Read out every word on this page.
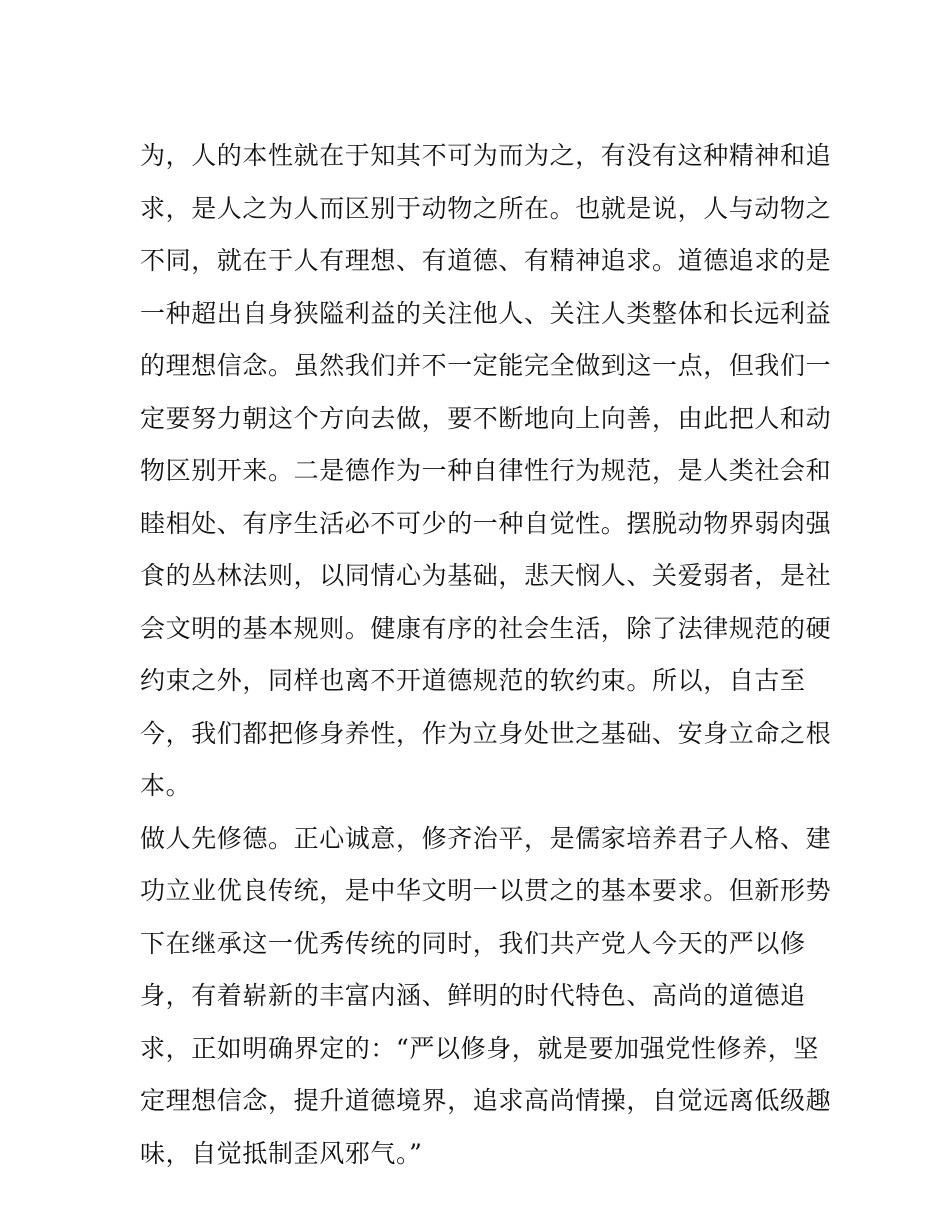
为，人的本性就在于知其不可为而为之，有没有这种精神和追
求，是人之为人而区别于动物之所在。也就是说，人与动物之
不同，就在于人有理想、有道德、有精神追求。道德追求的是
一种超出自身狭隘利益的关注他人、关注人类整体和长远利益
的理想信念。虽然我们并不一定能完全做到这一点，但我们一
定要努力朝这个方向去做，要不断地向上向善，由此把人和动
物区别开来。二是德作为一种自律性行为规范，是人类社会和
睦相处、有序生活必不可少的一种自觉性。摆脱动物界弱肉强
食的丛林法则，以同情心为基础，悲天悯人、关爱弱者，是社
会文明的基本规则。健康有序的社会生活，除了法律规范的硬
约束之外，同样也离不开道德规范的软约束。所以，自古至
今，我们都把修身养性，作为立身处世之基础、安身立命之根
本。
做人先修德。正心诚意，修齐治平，是儒家培养君子人格、建
功立业优良传统，是中华文明一以贯之的基本要求。但新形势
下在继承这一优秀传统的同时，我们共产党人今天的严以修
身，有着崭新的丰富内涵、鲜明的时代特色、高尚的道德追
求，正如明确界定的：“严以修身，就是要加强党性修养，坚
定理想信念，提升道德境界，追求高尚情操，自觉远离低级趣
味，自觉抵制歪风邪气。”
